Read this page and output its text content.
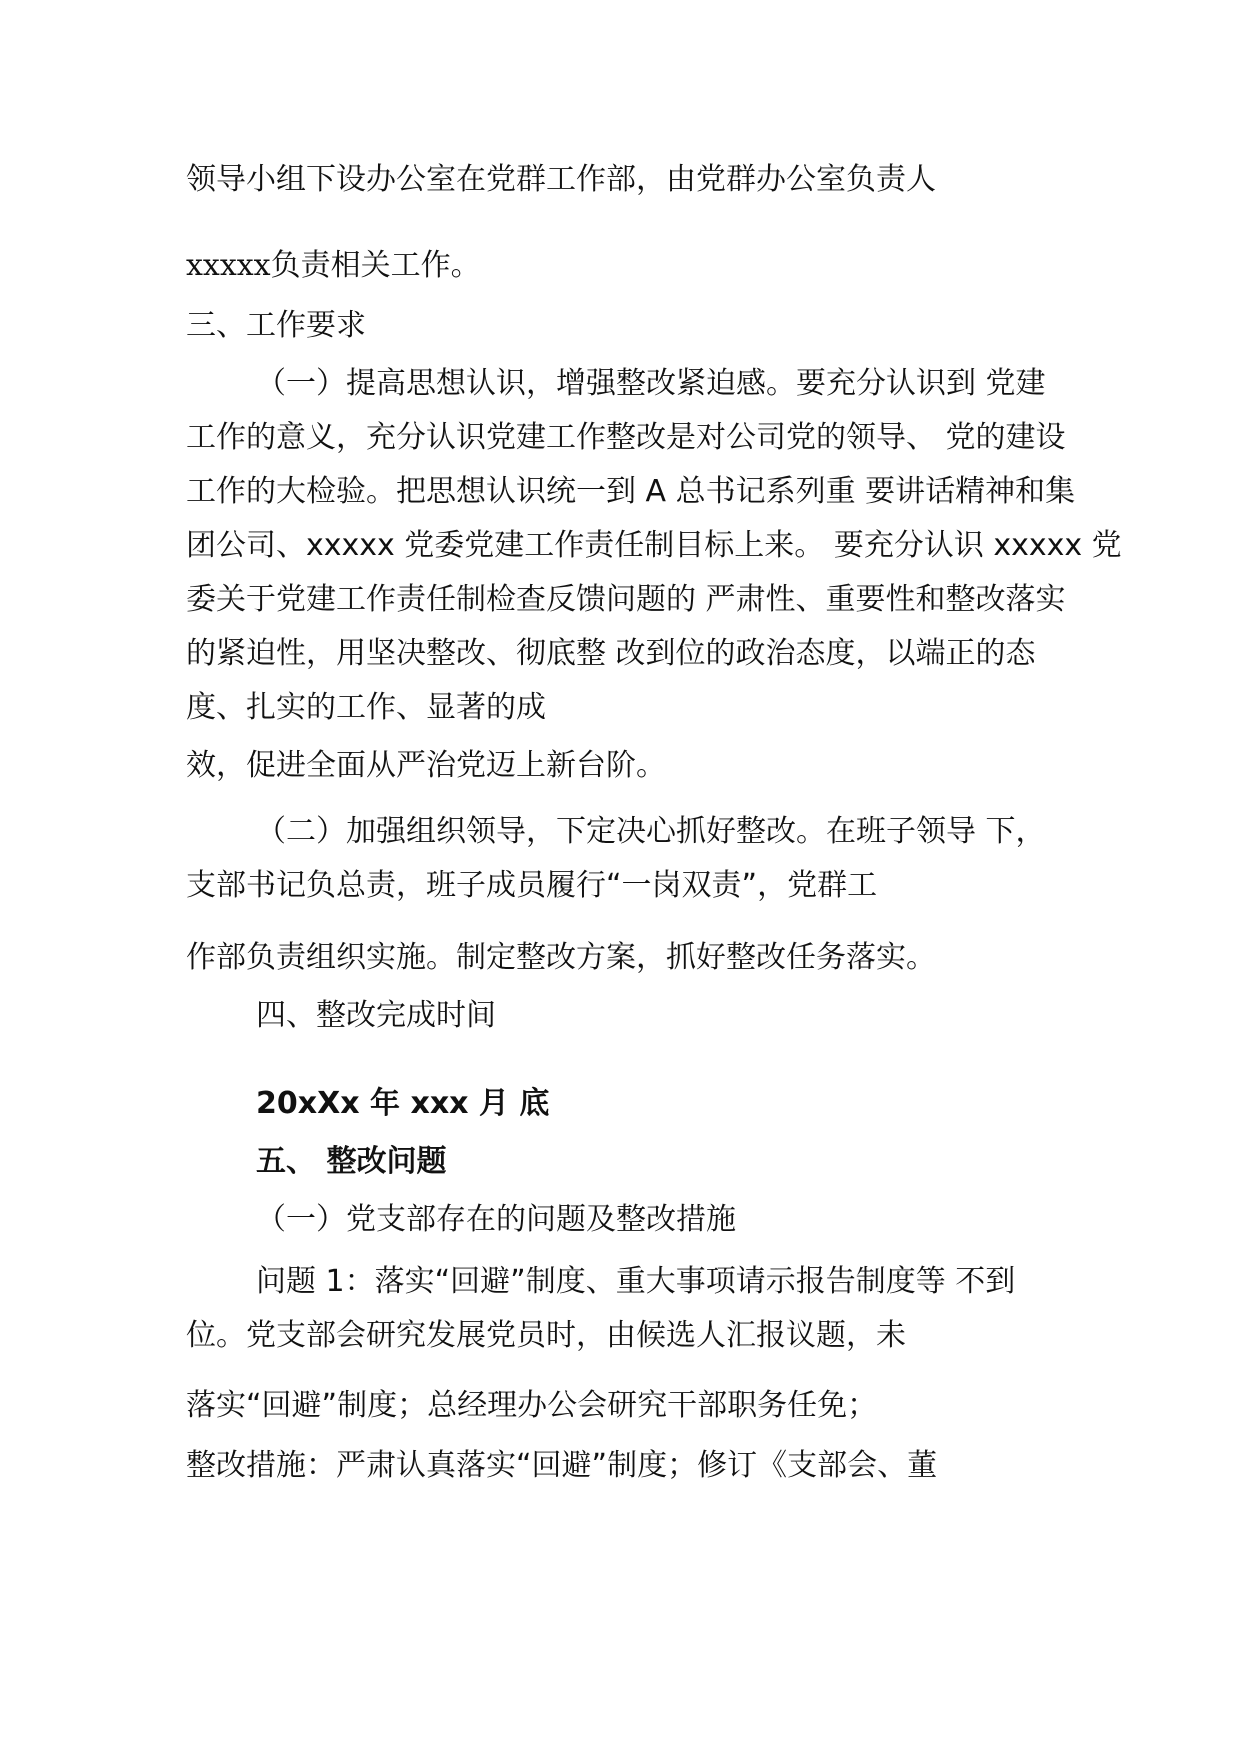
领导小组下设办公室在党群工作部，由党群办公室负责人
xxxxx负责相关工作。
三、工作要求
（一）提高思想认识，增强整改紧迫感。要充分认识到 党建
工作的意义，充分认识党建工作整改是对公司党的领导、 党的建设
工作的大检验。把思想认识统一到 A 总书记系列重 要讲话精神和集
团公司、xxxxx 党委党建工作责任制目标上来。 要充分认识 xxxxx 党
委关于党建工作责任制检查反馈问题的 严肃性、重要性和整改落实
的紧迫性，用坚决整改、彻底整 改到位的政治态度，以端正的态
度、扎实的工作、显著的成
效，促进全面从严治党迈上新台阶。
（二）加强组织领导，下定决心抓好整改。在班子领导 下，
支部书记负总责，班子成员履行“一岗双责”，党群工
作部负责组织实施。制定整改方案，抓好整改任务落实。
四、整改完成时间
20xXx 年 xxx 月 底
五、 整改问题
（一）党支部存在的问题及整改措施
问题 1：落实“回避”制度、重大事项请示报告制度等 不到
位。党支部会研究发展党员时，由候选人汇报议题，未
落实“回避”制度；总经理办公会研究干部职务任免；
整改措施：严肃认真落实“回避”制度；修订《支部会、董
